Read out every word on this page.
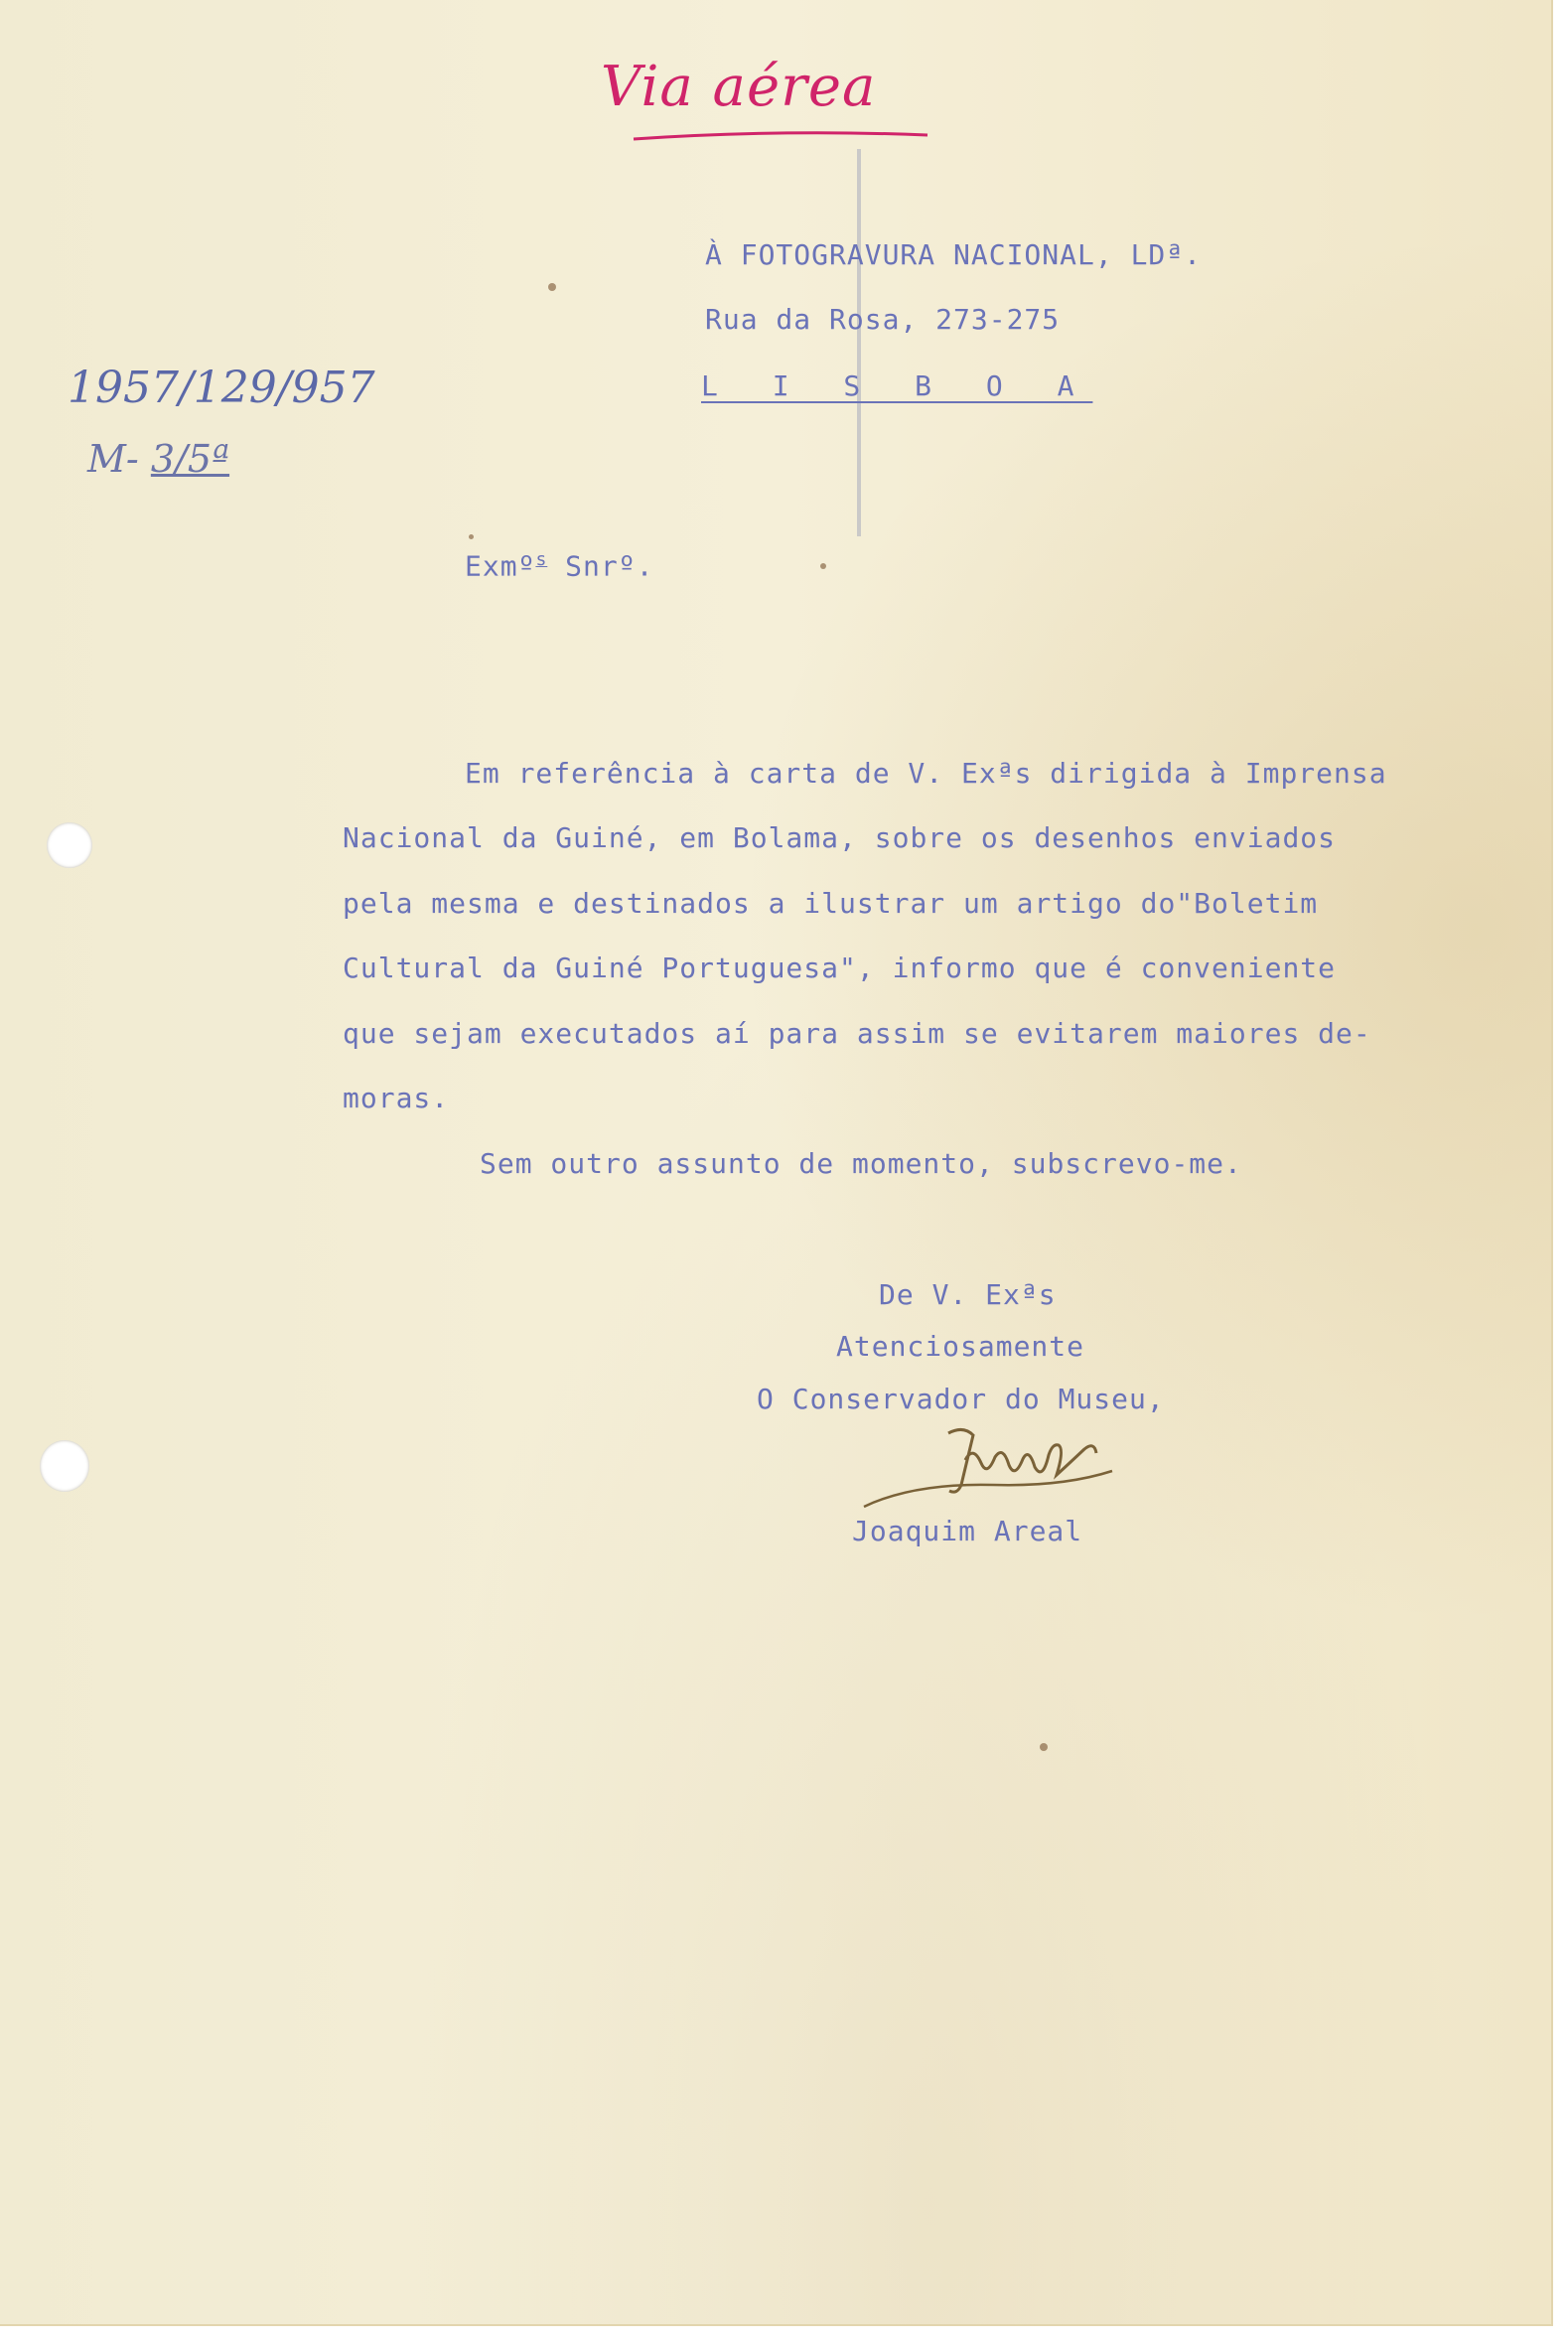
Via aérea
1957/129/957
M- 3/5ª
À FOTOGRAVURA NACIONAL, LDª.
Rua da Rosa, 273-275
L I S B O A
Exmº$^s$ Snrº.
Em referência à carta de V. Exªs dirigida à Imprensa
Nacional da Guiné, em Bolama, sobre os desenhos enviados
pela mesma e destinados a ilustrar um artigo do"Boletim
Cultural da Guiné Portuguesa", informo que é conveniente
que sejam executados aí para assim se evitarem maiores de-
moras.
Sem outro assunto de momento, subscrevo-me.
De V. Exªs
Atenciosamente
O Conservador do Museu,
Joaquim Areal
